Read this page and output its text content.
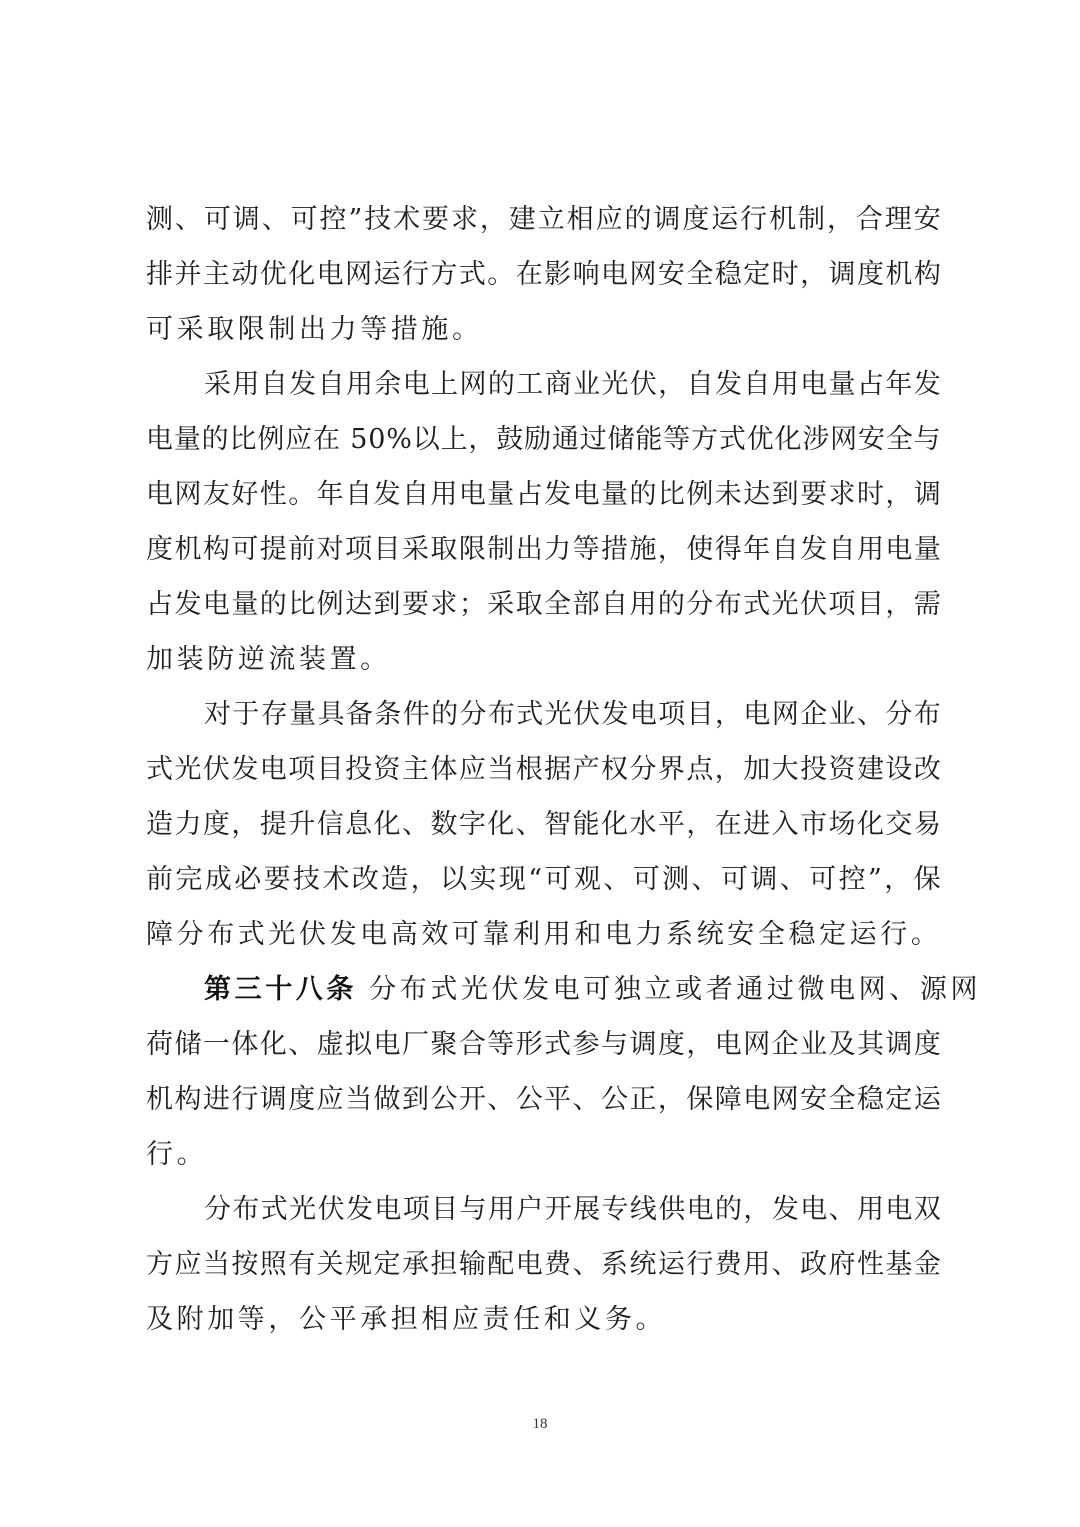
测 、 可 调 、 可 控 ” 技 术 要 求 ， 建 立 相 应 的 调 度 运 行 机 制 ， 合 理 安
排 并 主 动 优 化 电 网 运 行 方 式 。 在 影 响 电 网 安 全 稳 定 时 ， 调 度 机 构
可 采 取 限 制 出 力 等 措 施 。
采 用 自 发 自 用 余 电 上 网 的 工 商 业 光 伏 ， 自 发 自 用 电 量 占 年 发
电 量 的 比 例 应 在
5 0 % 以 上 ， 鼓 励 通 过 储 能 等 方 式 优 化 涉 网 安 全 与
电 网 友 好 性 。 年 自 发 自 用 电 量 占 发 电 量 的 比 例 未 达 到 要 求 时 ， 调
度 机 构 可 提 前 对 项 目 采 取 限 制 出 力 等 措 施 ， 使 得 年 自 发 自 用 电 量
占 发 电 量 的 比 例 达 到 要 求 ； 采 取 全 部 自 用 的 分 布 式 光 伏 项 目 ， 需
加 装 防 逆 流 装 置 。
对 于 存 量 具 备 条 件 的 分 布 式 光 伏 发 电 项 目 ， 电 网 企 业 、 分 布
式 光 伏 发 电 项 目 投 资 主 体 应 当 根 据 产 权 分 界 点 ， 加 大 投 资 建 设 改
造 力 度 ， 提 升 信 息 化 、 数 字 化 、 智 能 化 水 平 ， 在 进 入 市 场 化 交 易
前 完 成 必 要 技 术 改 造 ， 以 实 现 “ 可 观 、 可 测 、 可 调 、 可 控 ” ， 保
障 分 布 式 光 伏 发 电 高 效 可 靠 利 用 和 电 力 系 统 安 全 稳 定 运 行 。
第 三 十 八 条
分 布 式 光 伏 发 电 可 独 立 或 者 通 过 微 电 网 、 源 网
荷 储 一 体 化 、 虚 拟 电 厂 聚 合 等 形 式 参 与 调 度 ， 电 网 企 业 及 其 调 度
机 构 进 行 调 度 应 当 做 到 公 开 、 公 平 、 公 正 ， 保 障 电 网 安 全 稳 定 运
行 。
分 布 式 光 伏 发 电 项 目 与 用 户 开 展 专 线 供 电 的 ， 发 电 、 用 电 双
方 应 当 按 照 有 关 规 定 承 担 输 配 电 费 、 系 统 运 行 费 用 、 政 府 性 基 金
及 附 加 等 ， 公 平 承 担 相 应 责 任 和 义 务 。
18
